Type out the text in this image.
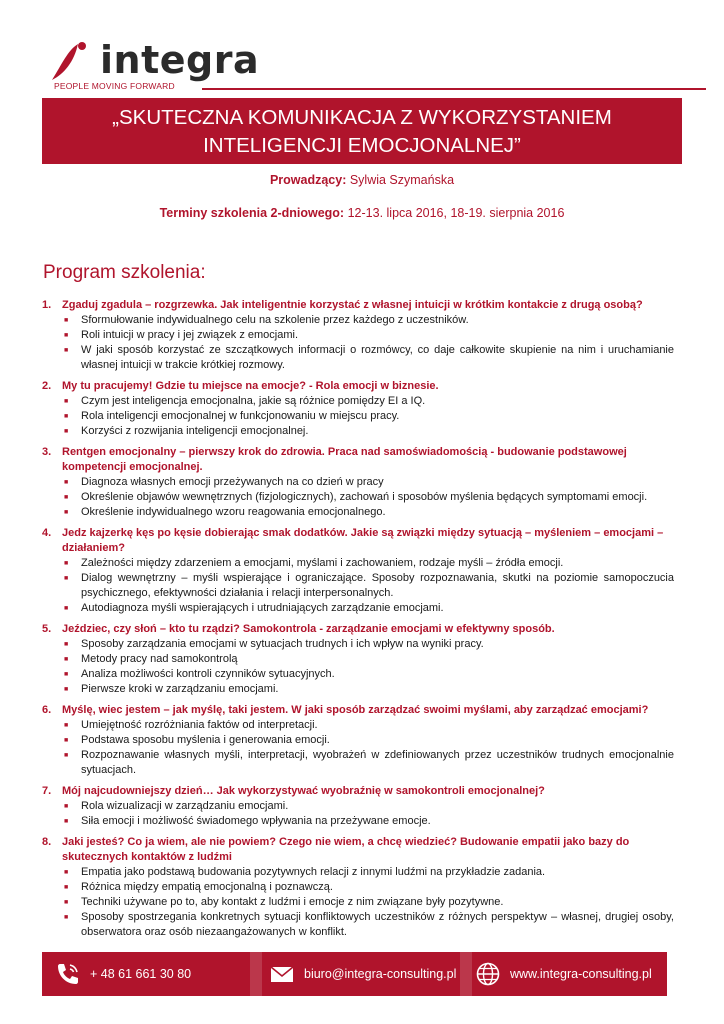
integra
PEOPLE MOVING FORWARD
„SKUTECZNA KOMUNIKACJA Z WYKORZYSTANIEM
INTELIGENCJI EMOCJONALNEJ”
Prowadzący: Sylwia Szymańska
Terminy szkolenia 2-dniowego: 12-13. lipca 2016, 18-19. sierpnia 2016
Program szkolenia:
1. Zgaduj zgadula – rozgrzewka. Jak inteligentnie korzystać z własnej intuicji w krótkim kontakcie z drugą osobą?
■	Sformułowanie indywidualnego celu na szkolenie przez każdego z uczestników.
■	Roli intuicji w pracy i jej związek z emocjami.
■	W jaki sposób korzystać ze szczątkowych informacji o rozmówcy, co daje całkowite skupienie na nim i uruchamianie własnej intuicji w trakcie krótkiej rozmowy.
2. My tu pracujemy! Gdzie tu miejsce na emocje? - Rola emocji w biznesie.
■	Czym jest inteligencja emocjonalna, jakie są różnice pomiędzy EI a IQ.
■	Rola inteligencji emocjonalnej w funkcjonowaniu w miejscu pracy.
■	Korzyści z rozwijania inteligencji emocjonalnej.
3. Rentgen emocjonalny – pierwszy krok do zdrowia. Praca nad samoświadomością - budowanie podstawowej kompetencji emocjonalnej.
■	Diagnoza własnych emocji przeżywanych na co dzień w pracy
■	Określenie objawów wewnętrznych (fizjologicznych), zachowań i sposobów myślenia będących symptomami emocji.
■	Określenie indywidualnego wzoru reagowania emocjonalnego.
4. Jedz kajzerkę kęs po kęsie dobierając smak dodatków. Jakie są związki między sytuacją – myśleniem – emocjami – działaniem?
■	Zależności między zdarzeniem a emocjami, myślami i zachowaniem, rodzaje myśli – źródła emocji.
■	Dialog wewnętrzny – myśli wspierające i ograniczające. Sposoby rozpoznawania, skutki na poziomie samopoczucia psychicznego, efektywności działania i relacji interpersonalnych.
■	Autodiagnoza myśli wspierających i utrudniających zarządzanie emocjami.
5. Jeździec, czy słoń – kto tu rządzi? Samokontrola - zarządzanie emocjami w efektywny sposób.
■	Sposoby zarządzania emocjami w sytuacjach trudnych i ich wpływ na wyniki pracy.
■	Metody pracy nad samokontrolą
■	Analiza możliwości kontroli czynników sytuacyjnych.
■	Pierwsze kroki w zarządzaniu emocjami.
6. Myślę, wiec jestem – jak myślę, taki jestem. W jaki sposób zarządzać swoimi myślami, aby zarządzać emocjami?
■	Umiejętność rozróżniania faktów od interpretacji.
■	Podstawa sposobu myślenia i generowania emocji.
■	Rozpoznawanie własnych myśli, interpretacji, wyobrażeń w zdefiniowanych przez uczestników trudnych emocjonalnie sytuacjach.
7. Mój najcudowniejszy dzień… Jak wykorzystywać wyobraźnię w samokontroli emocjonalnej?
■	Rola wizualizacji w zarządzaniu emocjami.
■	Siła emocji i możliwość świadomego wpływania na przeżywane emocje.
8. Jaki jesteś? Co ja wiem, ale nie powiem? Czego nie wiem, a chcę wiedzieć? Budowanie empatii jako bazy do skutecznych kontaktów z ludźmi
■	Empatia jako podstawą budowania pozytywnych relacji z innymi ludźmi na przykładzie zadania.
■	Różnica między empatią emocjonalną i poznawczą.
■	Techniki używane po to, aby kontakt z ludźmi i emocje z nim związane były pozytywne.
■	Sposoby spostrzegania konkretnych sytuacji konfliktowych uczestników z różnych perspektyw – własnej, drugiej osoby, obserwatora oraz osób niezaangażowanych w konflikt.
+ 48 61 661 30 80	biuro@integra-consulting.pl	www.integra-consulting.pl
